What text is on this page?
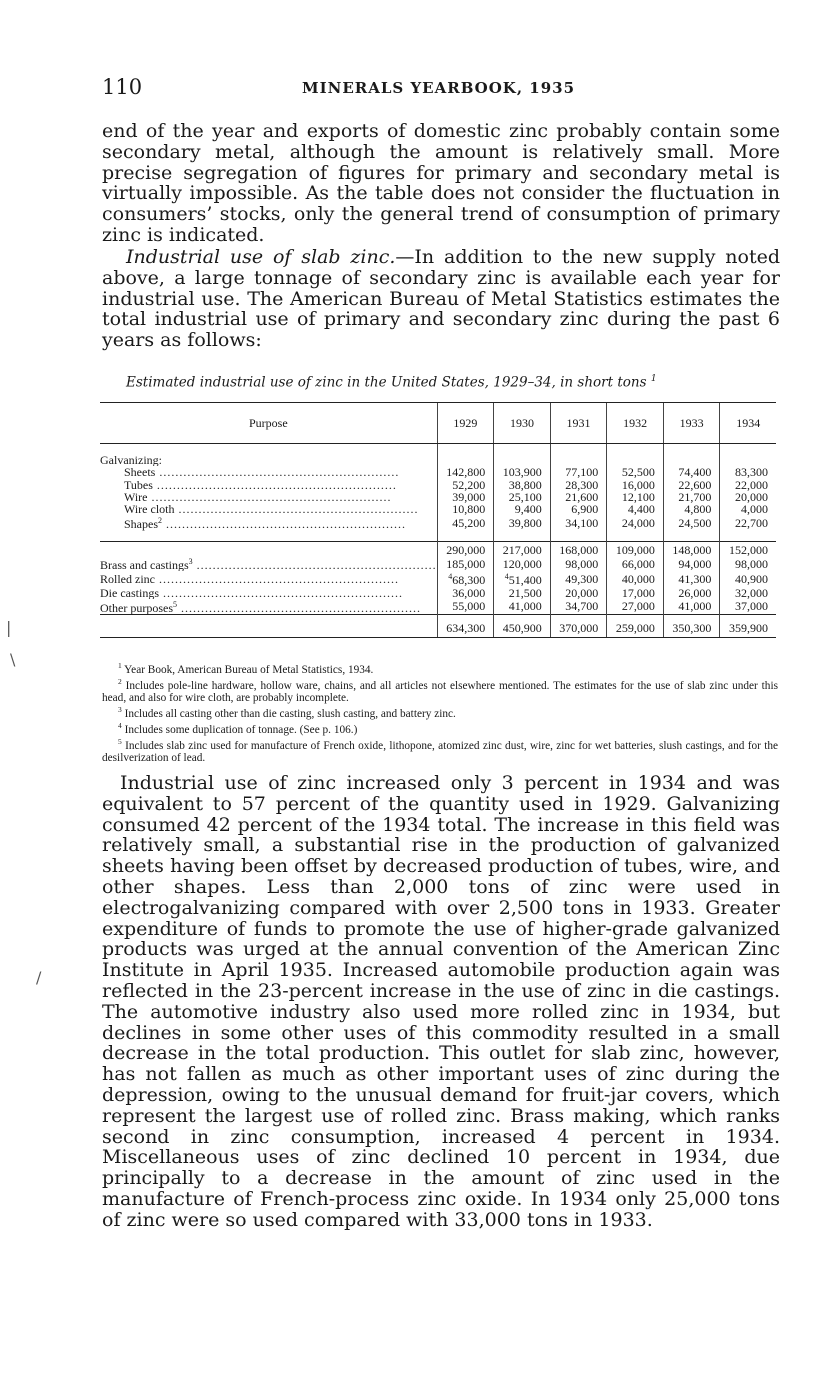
110	MINERALS YEARBOOK, 1935

end of the year and exports of domestic zinc probably contain some secondary metal, although the amount is relatively small. More precise segregation of figures for primary and secondary metal is virtually impossible. As the table does not consider the fluctuation in consumers’ stocks, only the general trend of consumption of primary zinc is indicated.

Industrial use of slab zinc.—In addition to the new supply noted above, a large tonnage of secondary zinc is available each year for industrial use. The American Bureau of Metal Statistics estimates the total industrial use of primary and secondary zinc during the past 6 years as follows:

Estimated industrial use of zinc in the United States, 1929–34, in short tons $^1$
Purpose	1929	1930	1931	1932	1933	1934

Galvanizing:						
Sheets ............................................................	142,800	103,900	77,100	52,500	74,400	83,300
Tubes ............................................................	52,200	38,800	28,300	16,000	22,600	22,000
Wire ............................................................	39,000	25,100	21,600	12,100	21,700	20,000
Wire cloth ............................................................	10,800	9,400	6,900	4,400	4,800	4,000
Shapes$^2$ ............................................................	45,200	39,800	34,100	24,000	24,500	22,700

	290,000	217,000	168,000	109,000	148,000	152,000
Brass and castings$^3$ ............................................................	185,000	120,000	98,000	66,000	94,000	98,000
Rolled zinc ............................................................	$^4$68,300	$^4$51,400	49,300	40,000	41,300	40,900
Die castings ............................................................	36,000	21,500	20,000	17,000	26,000	32,000
Other purposes$^5$ ............................................................	55,000	41,000	34,700	27,000	41,000	37,000
	634,300	450,900	370,000	259,000	350,300	359,900

$^1$ Year Book, American Bureau of Metal Statistics, 1934.

$^2$ Includes pole-line hardware, hollow ware, chains, and all articles not elsewhere mentioned. The estimates for the use of slab zinc under this head, and also for wire cloth, are probably incomplete.

$^3$ Includes all casting other than die casting, slush casting, and battery zinc.

$^4$ Includes some duplication of tonnage. (See p. 106.)

$^5$ Includes slab zinc used for manufacture of French oxide, lithopone, atomized zinc dust, wire, zinc for wet batteries, slush castings, and for the desilverization of lead.

Industrial use of zinc increased only 3 percent in 1934 and was equivalent to 57 percent of the quantity used in 1929. Galvanizing consumed 42 percent of the 1934 total. The increase in this field was relatively small, a substantial rise in the production of galvanized sheets having been offset by decreased production of tubes, wire, and other shapes. Less than 2,000 tons of zinc were used in electrogalvanizing compared with over 2,500 tons in 1933. Greater expenditure of funds to promote the use of higher-grade galvanized products was urged at the annual convention of the American Zinc Institute in April 1935. Increased automobile production again was reflected in the 23-percent increase in the use of zinc in die castings. The automotive industry also used more rolled zinc in 1934, but declines in some other uses of this commodity resulted in a small decrease in the total production. This outlet for slab zinc, however, has not fallen as much as other important uses of zinc during the depression, owing to the unusual demand for fruit-jar covers, which represent the largest use of rolled zinc. Brass making, which ranks second in zinc consumption, increased 4 percent in 1934. Miscellaneous uses of zinc declined 10 percent in 1934, due principally to a decrease in the amount of zinc used in the manufacture of French-process zinc oxide. In 1934 only 25,000 tons of zinc were so used compared with 33,000 tons in 1933.

|
\
/
